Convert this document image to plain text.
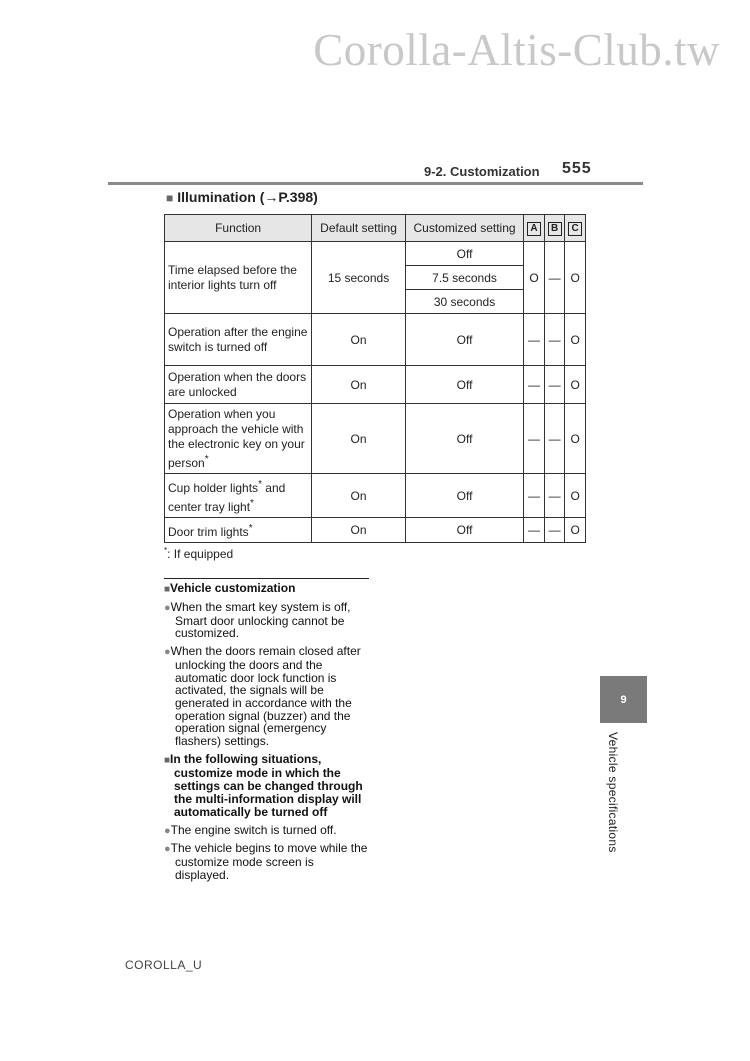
Corolla-Altis-Club.tw
9-2. Customization 555
■ Illumination (→P.398)
Function	Default setting	Customized setting	A	B	C
Time elapsed before the interior lights turn off	15 seconds	Off	O	—	O
		7.5 seconds			
		30 seconds			
Operation after the engine switch is turned off	On	Off	—	—	O
Operation when the doors are unlocked	On	Off	—	—	O
Operation when you approach the vehicle with the electronic key on your person*	On	Off	—	—	O
Cup holder lights* and center tray light*	On	Off	—	—	O
Door trim lights*	On	Off	—	—	O
*: If equipped
■Vehicle customization
●When the smart key system is off, Smart door unlocking cannot be customized.
●When the doors remain closed after unlocking the doors and the automatic door lock function is activated, the signals will be generated in accordance with the operation signal (buzzer) and the operation signal (emergency flashers) settings.
■In the following situations, customize mode in which the settings can be changed through the multi-information display will automatically be turned off
●The engine switch is turned off.
●The vehicle begins to move while the customize mode screen is displayed.
9
Vehicle specifications
COROLLA_U
